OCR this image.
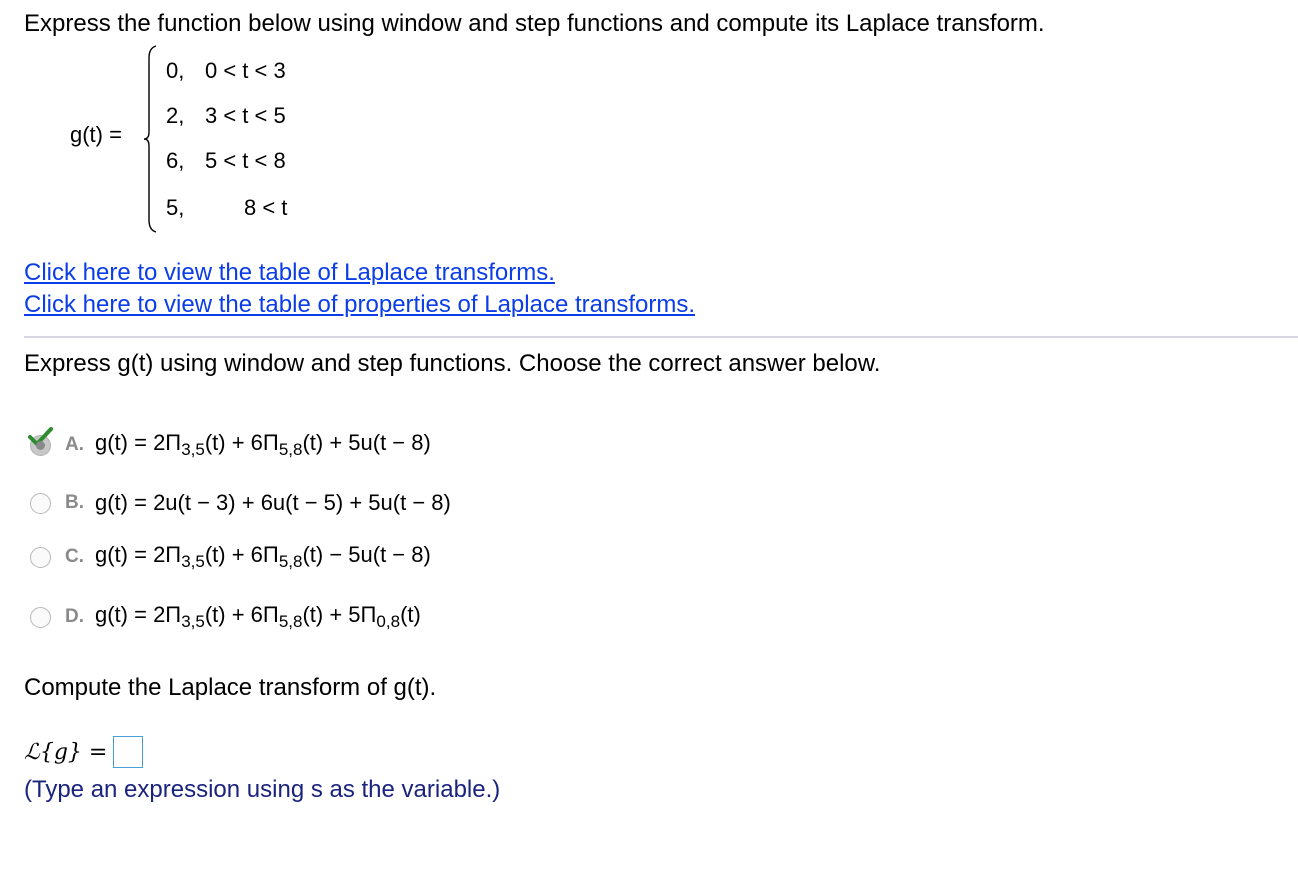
Express the function below using window and step functions and compute its Laplace transform.
g(t) =
0, 0 < t < 3
2, 3 < t < 5
6, 5 < t < 8
5,	8 < t
Click here to view the table of Laplace transforms.
Click here to view the table of properties of Laplace transforms.
Express g(t) using window and step functions. Choose the correct answer below.
A. $g(t) = 2\Pi_{3,5}(t) + 6\Pi_{5,8}(t) + 5u(t - 8)$
B. g(t) = 2u(t − 3) + 6u(t − 5) + 5u(t − 8)
C. $g(t) = 2\Pi_{3,5}(t) + 6\Pi_{5,8}(t) - 5u(t - 8)$
D. $g(t) = 2\Pi_{3,5}(t) + 6\Pi_{5,8}(t) + 5\Pi_{0,8}(t)$
Compute the Laplace transform of g(t).
ℒ{g} =
(Type an expression using s as the variable.)
